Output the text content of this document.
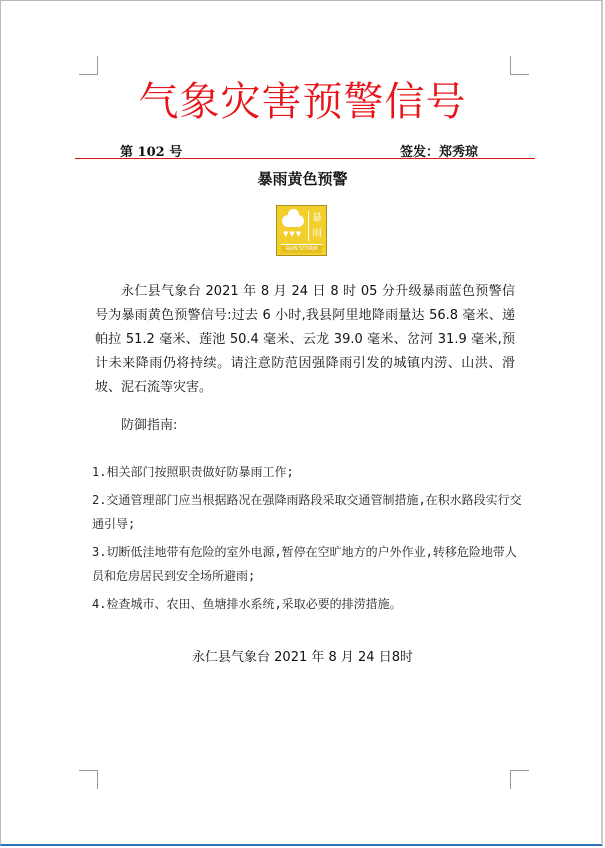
气象灾害预警信号
第 102 号	签发：郑秀琼
暴雨黄色预警
▼▼▼
暴
雨
RAIN STORM

永仁县气象台 2021 年 8 月 24 日 8 时 05 分升级暴雨蓝色预警信号为暴雨黄色预警信号:过去 6 小时,我县阿里地降雨量达 56.8 毫米、递帕拉 51.2 毫米、莲池 50.4 毫米、云龙 39.0 毫米、岔河 31.9 毫米,预计未来降雨仍将持续。请注意防范因强降雨引发的城镇内涝、山洪、滑坡、泥石流等灾害。

防御指南:

1.相关部门按照职责做好防暴雨工作;

2.交通管理部门应当根据路况在强降雨路段采取交通管制措施,在积水路段实行交通引导;

3.切断低洼地带有危险的室外电源,暂停在空旷地方的户外作业,转移危险地带人员和危房居民到安全场所避雨;

4.检查城市、农田、鱼塘排水系统,采取必要的排涝措施。

永仁县气象台 2021 年 8 月 24 日8时
